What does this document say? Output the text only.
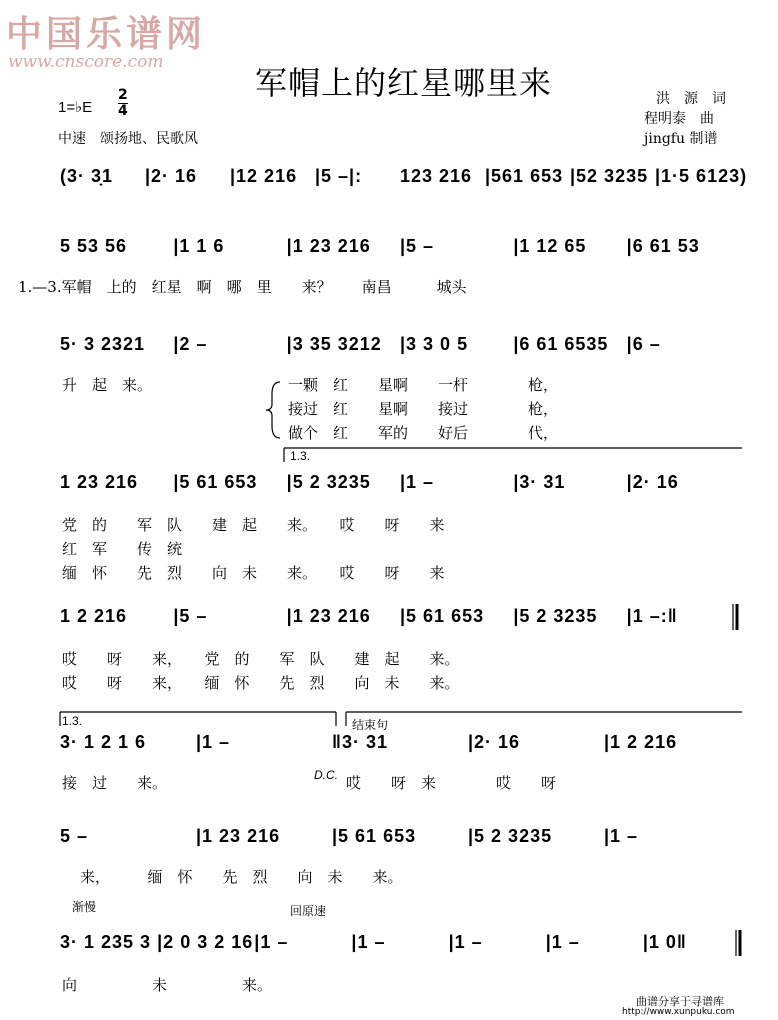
中国乐谱网
www.cnscore.com
军帽上的红星哪里来	洪　源　词
程明泰　曲
jingfu 制谱
1=♭E
2
4
中速　颂扬地、民歌风
(3· 3̣1	|2· 16	|12 216 |5 –|:	123 216 |561 653 |52 3235 |1·5 6123)
5 53 56	|1 1 6	|1 23 216	|5 –	|1 12 65	|6 61 53
5· 3 2321	|2 –	|3 35 3212	|3 3 0 5	|6 61 6535	|6 –
1 23 216	|5 61 653	|5 2 3235	|1 –	|3· 31	|2· 16
1 2 216	|5 –	|1 23 216	|5 61 653	|5 2 3235	|1 –:‖
3· 1 2 1 6	|1 –	‖3· 31	|2· 16	|1 2 216
5 –	|1 23 216	|5 61 653	|5 2 3235	|1 –
3· 1 235 3 |2 0 3 2 16 |1 –	|1 –	|1 –	|1 –	|1 0‖
1.—3.军帽　上的　红星　啊　哪　里　　来？　　南昌　　　城头
升　起　来。　	一颗　红　　星啊　　一杆　　　　枪，
接过　红　　星啊　　接过　　　　枪，
做个　红　　军的　　好后　　　　代，
党　的　　军　队　　建　起　　来。　　哎　　呀　　来
红　军　　传　统
缅　怀　　先　烈　　向　未　　来。　　哎　　呀　　来
哎　　呀　　来，　　党　的　　军　队　　建　起　　来。
哎　　呀　　来，　　缅　怀　　先　烈　　向　未　　来。
接　过　　来。	哎　　呀　来　　　　哎　　呀
来，　　　缅　怀　　先　烈　　向　未　　来。
向　　　　　未　　　　　来。
1.3.
1.3.
D.C.
结束句
渐慢	回原速
曲谱分享于寻谱库
http://www.xunpuku.com
